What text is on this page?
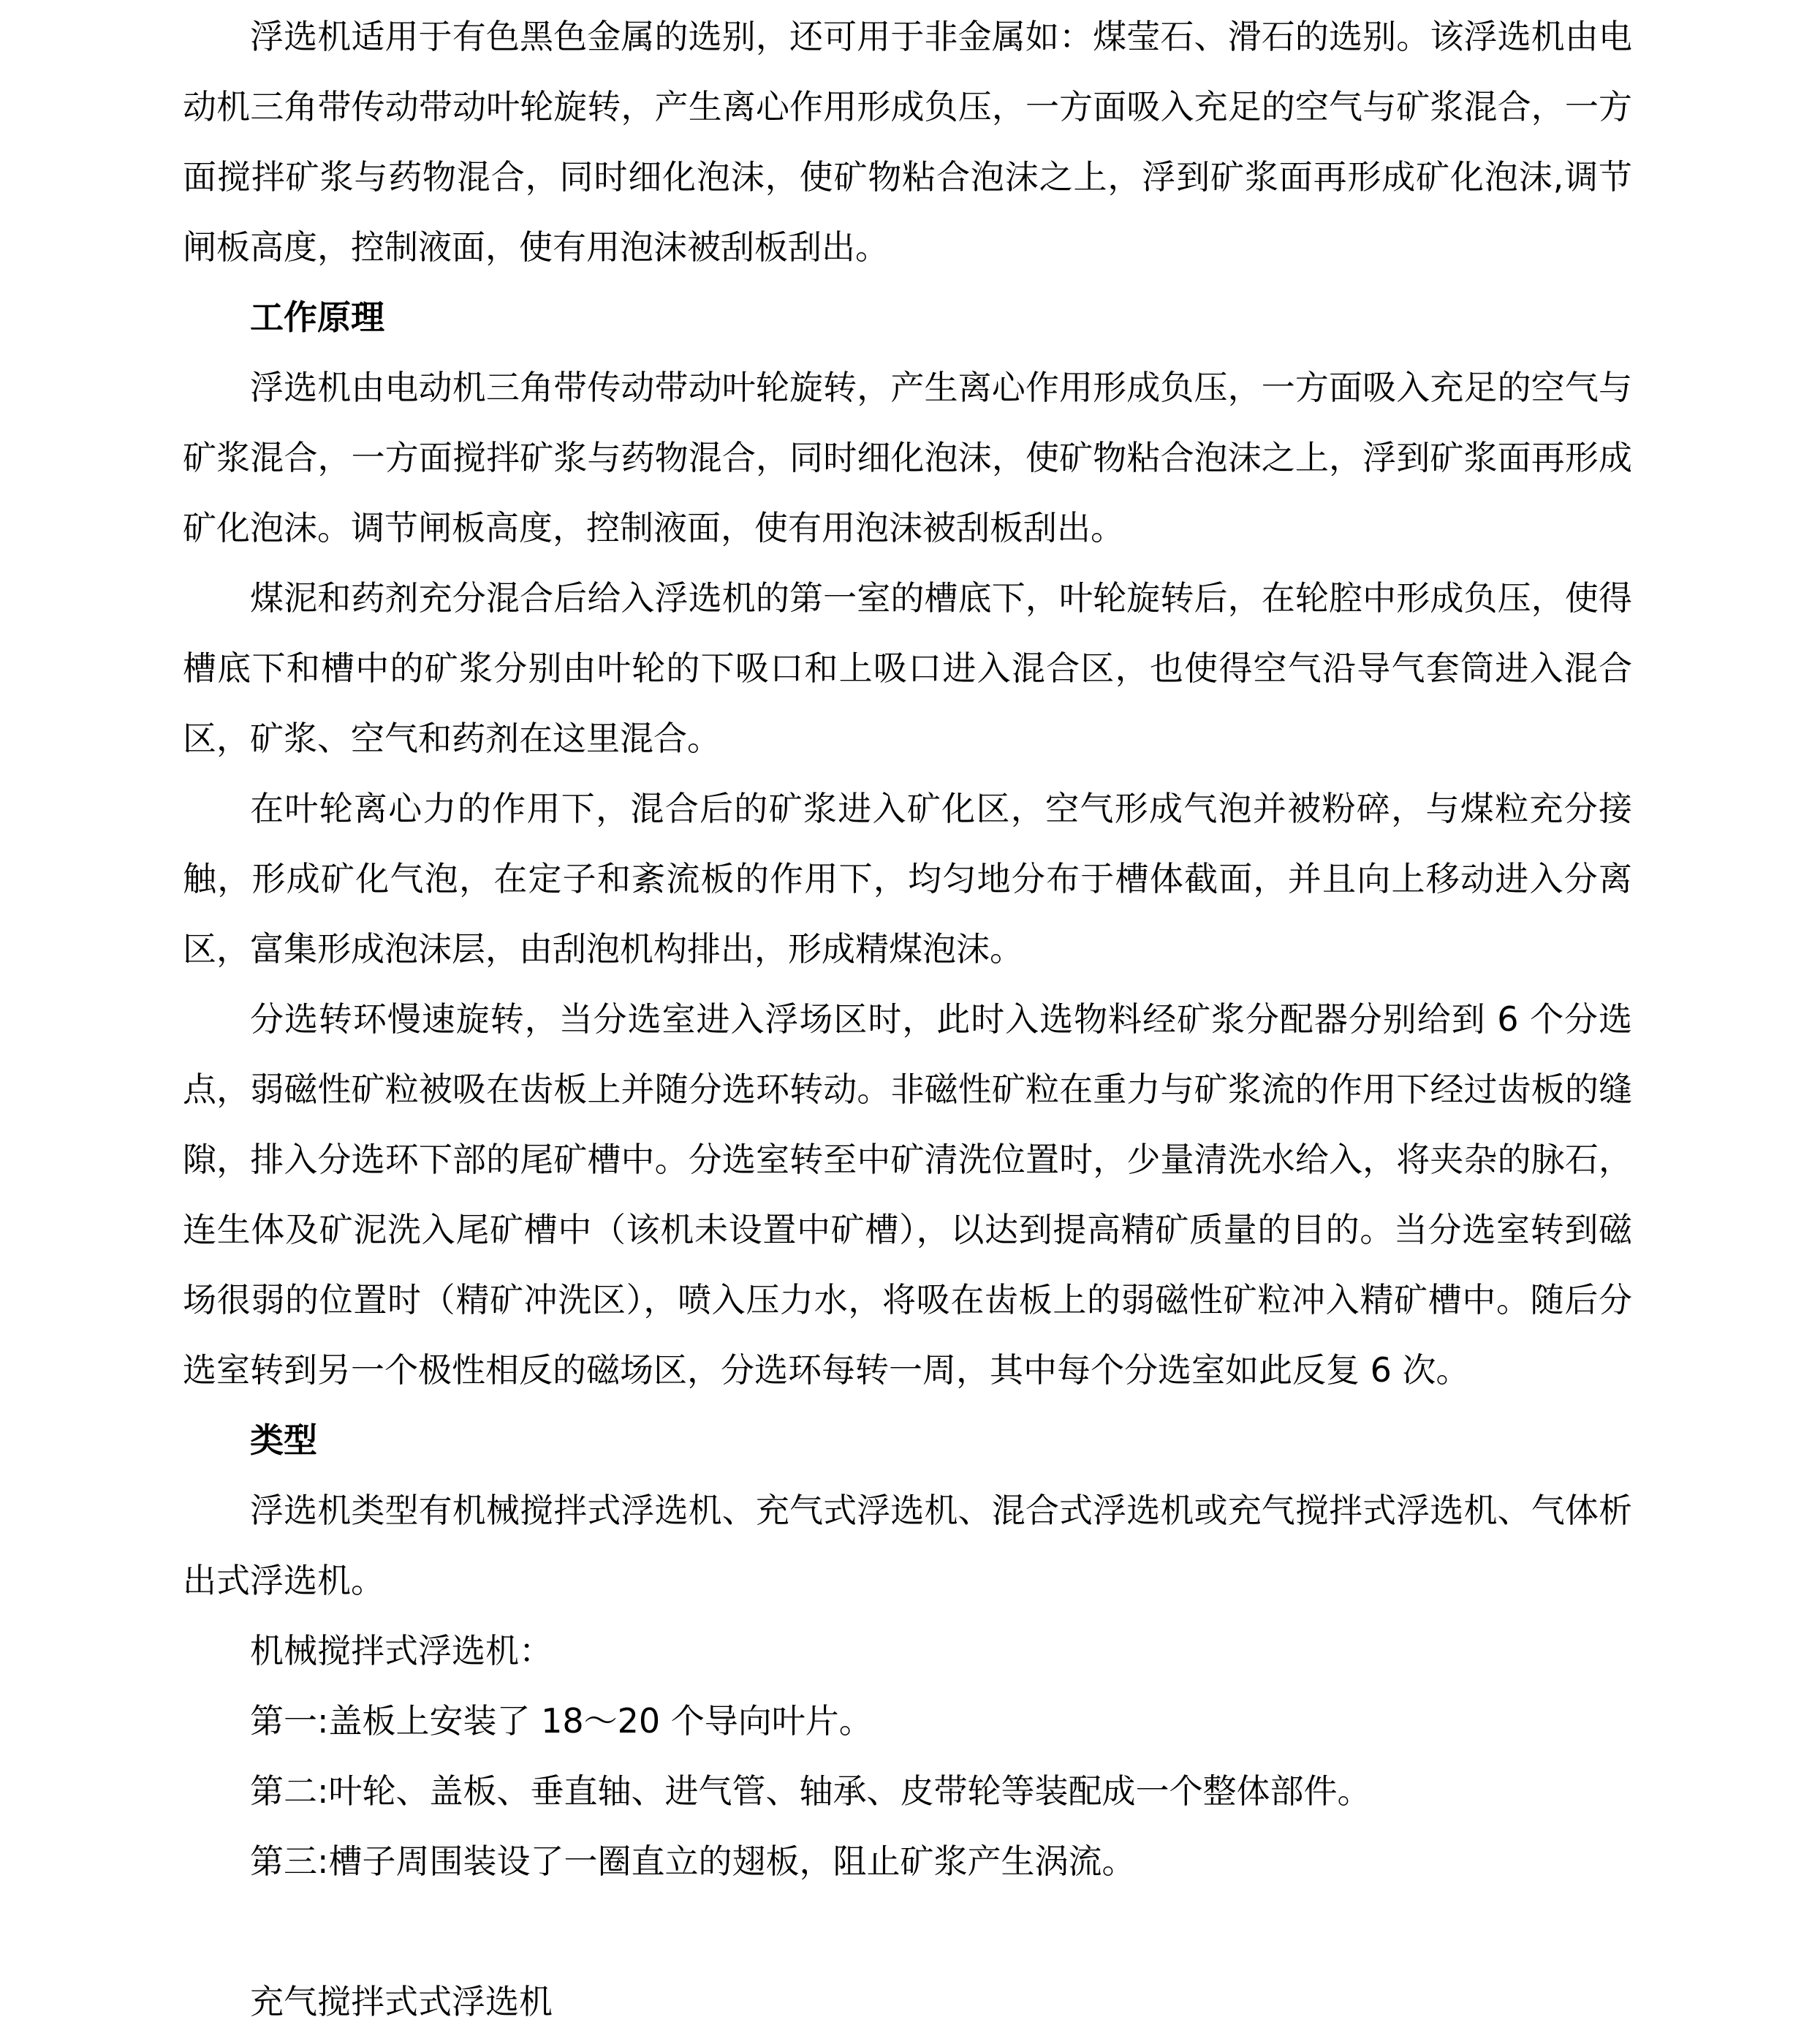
浮选机适用于有色黑色金属的选别，还可用于非金属如：煤莹石、滑石的选别。该浮选机由电动机三角带传动带动叶轮旋转，产生离心作用形成负压，一方面吸入充足的空气与矿浆混合，一方面搅拌矿浆与药物混合，同时细化泡沫，使矿物粘合泡沫之上，浮到矿浆面再形成矿化泡沫,调节闸板高度，控制液面，使有用泡沫被刮板刮出。

工作原理

浮选机由电动机三角带传动带动叶轮旋转，产生离心作用形成负压，一方面吸入充足的空气与矿浆混合，一方面搅拌矿浆与药物混合，同时细化泡沫，使矿物粘合泡沫之上，浮到矿浆面再形成矿化泡沫。调节闸板高度，控制液面，使有用泡沫被刮板刮出。

煤泥和药剂充分混合后给入浮选机的第一室的槽底下，叶轮旋转后，在轮腔中形成负压，使得槽底下和槽中的矿浆分别由叶轮的下吸口和上吸口进入混合区，也使得空气沿导气套筒进入混合区，矿浆、空气和药剂在这里混合。

在叶轮离心力的作用下，混合后的矿浆进入矿化区，空气形成气泡并被粉碎，与煤粒充分接触，形成矿化气泡，在定子和紊流板的作用下，均匀地分布于槽体截面，并且向上移动进入分离区，富集形成泡沫层，由刮泡机构排出，形成精煤泡沫。

分选转环慢速旋转，当分选室进入浮场区时，此时入选物料经矿浆分配器分别给到 6 个分选点，弱磁性矿粒被吸在齿板上并随分选环转动。非磁性矿粒在重力与矿浆流的作用下经过齿板的缝隙，排入分选环下部的尾矿槽中。分选室转至中矿清洗位置时，少量清洗水给入，将夹杂的脉石，连生体及矿泥洗入尾矿槽中（该机未设置中矿槽），以达到提高精矿质量的目的。当分选室转到磁场很弱的位置时（精矿冲洗区），喷入压力水，将吸在齿板上的弱磁性矿粒冲入精矿槽中。随后分选室转到另一个极性相反的磁场区，分选环每转一周，其中每个分选室如此反复 6 次。

类型

浮选机类型有机械搅拌式浮选机、充气式浮选机、混合式浮选机或充气搅拌式浮选机、气体析出式浮选机。

机械搅拌式浮选机：

第一:盖板上安装了 18～20 个导向叶片。

第二:叶轮、盖板、垂直轴、进气管、轴承、皮带轮等装配成一个整体部件。

第三:槽子周围装设了一圈直立的翅板，阻止矿浆产生涡流。

充气搅拌式式浮选机
